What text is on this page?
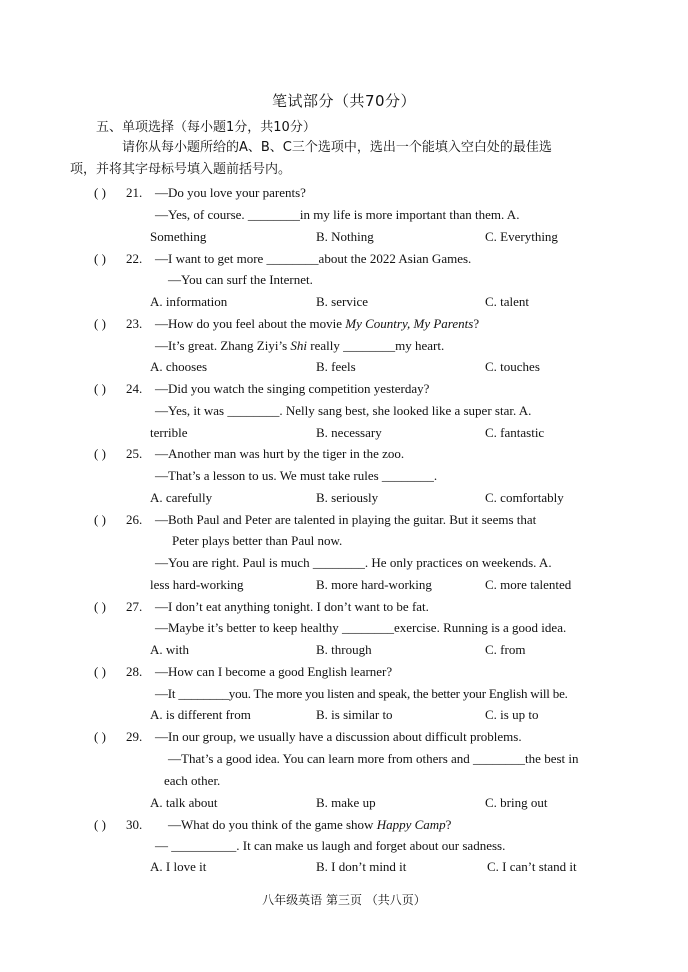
笔试部分（共70分）
五、单项选择（每小题1分，共10分）
请你从每小题所给的A、B、C三个选项中，选出一个能填入空白处的最佳选
项，并将其字母标号填入题前括号内。
( ) 21. —Do you love your parents?
—Yes, of course. ________in my life is more important than them. A.
Something	B. Nothing	C. Everything
( ) 22. —I want to get more ________about the 2022 Asian Games.
—You can surf the Internet.
A. information	B. service	C. talent
( ) 23. —How do you feel about the movie My Country, My Parents?
—It’s great. Zhang Ziyi’s Shi really ________my heart.
A. chooses	B. feels	C. touches
( ) 24. —Did you watch the singing competition yesterday?
—Yes, it was ________. Nelly sang best, she looked like a super star. A.
terrible	B. necessary	C. fantastic
( ) 25. —Another man was hurt by the tiger in the zoo.
—That’s a lesson to us. We must take rules ________.
A. carefully	B. seriously	C. comfortably
( ) 26. —Both Paul and Peter are talented in playing the guitar. But it seems that
Peter plays better than Paul now.
—You are right. Paul is much ________. He only practices on weekends. A.
less hard-working	B. more hard-working	C. more talented
( ) 27. —I don’t eat anything tonight. I don’t want to be fat.
—Maybe it’s better to keep healthy ________exercise. Running is a good idea.
A. with	B. through	C. from
( ) 28. —How can I become a good English learner?
—It ________you. The more you listen and speak, the better your English will be.
A. is different from	B. is similar to	C. is up to
( ) 29. —In our group, we usually have a discussion about difficult problems.
—That’s a good idea. You can learn more from others and ________the best in
each other.
A. talk about	B. make up	C. bring out
( ) 30. —What do you think of the game show Happy Camp?
— __________. It can make us laugh and forget about our sadness.
A. I love it	B. I don’t mind it	C. I can’t stand it
八年级英语 第三页 （共八页）
